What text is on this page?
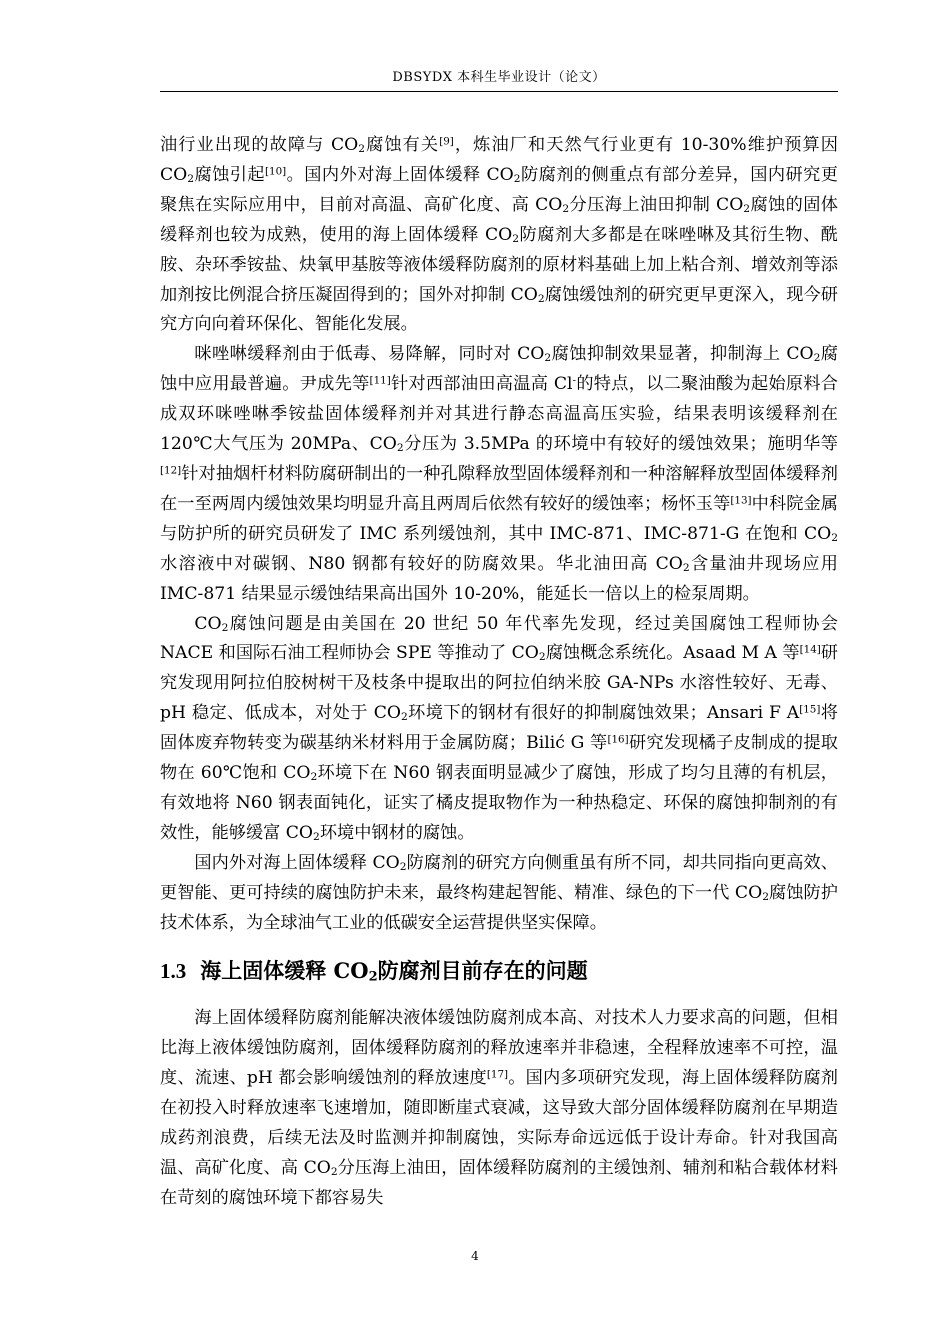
DBSYDX 本科生毕业设计（论文）

油行业出现的故障与 $CO_2$腐蚀有关[9]，炼油厂和天然气行业更有 10-30%维护预算因 $CO_2$腐蚀引起[10]。国内外对海上固体缓释 $CO_2$防腐剂的侧重点有部分差异，国内研究更聚焦在实际应用中，目前对高温、高矿化度、高 $CO_2$分压海上油田抑制 $CO_2$腐蚀的固体缓释剂也较为成熟，使用的海上固体缓释 $CO_2$防腐剂大多都是在咪唑啉及其衍生物、酰胺、杂环季铵盐、炔氧甲基胺等液体缓释防腐剂的原材料基础上加上粘合剂、增效剂等添加剂按比例混合挤压凝固得到的；国外对抑制 $CO_2$腐蚀缓蚀剂的研究更早更深入，现今研究方向向着环保化、智能化发展。

咪唑啉缓释剂由于低毒、易降解，同时对 $CO_2$腐蚀抑制效果显著，抑制海上 $CO_2$腐蚀中应用最普遍。尹成先等[11]针对西部油田高温高 Cl-的特点，以二聚油酸为起始原料合成双环咪唑啉季铵盐固体缓释剂并对其进行静态高温高压实验，结果表明该缓释剂在 120℃大气压为 20MPa、$CO_2$分压为 3.5MPa 的环境中有较好的缓蚀效果；施明华等[12]针对抽烟杆材料防腐研制出的一种孔隙释放型固体缓释剂和一种溶解释放型固体缓释剂在一至两周内缓蚀效果均明显升高且两周后依然有较好的缓蚀率；杨怀玉等[13]中科院金属与防护所的研究员研发了 IMC 系列缓蚀剂，其中 IMC-871、IMC-871-G 在饱和 $CO_2$水溶液中对碳钢、N80 钢都有较好的防腐效果。华北油田高 $CO_2$含量油井现场应用 IMC-871 结果显示缓蚀结果高出国外 10-20%，能延长一倍以上的检泵周期。

$CO_2$腐蚀问题是由美国在 20 世纪 50 年代率先发现，经过美国腐蚀工程师协会 NACE 和国际石油工程师协会 SPE 等推动了 $CO_2$腐蚀概念系统化。Asaad M A 等[14]研究发现用阿拉伯胶树树干及枝条中提取出的阿拉伯纳米胶 GA-NPs 水溶性较好、无毒、pH 稳定、低成本，对处于 $CO_2$环境下的钢材有很好的抑制腐蚀效果；Ansari F A[15]将固体废弃物转变为碳基纳米材料用于金属防腐；Bilić G 等[16]研究发现橘子皮制成的提取物在 60℃饱和 $CO_2$环境下在 N60 钢表面明显减少了腐蚀，形成了均匀且薄的有机层，有效地将 N60 钢表面钝化，证实了橘皮提取物作为一种热稳定、环保的腐蚀抑制剂的有效性，能够缓富 $CO_2$环境中钢材的腐蚀。

国内外对海上固体缓释 $CO_2$防腐剂的研究方向侧重虽有所不同，却共同指向更高效、更智能、更可持续的腐蚀防护未来，最终构建起智能、精准、绿色的下一代 $CO_2$腐蚀防护技术体系，为全球油气工业的低碳安全运营提供坚实保障。

1.3 海上固体缓释 $CO_2$防腐剂目前存在的问题

海上固体缓释防腐剂能解决液体缓蚀防腐剂成本高、对技术人力要求高的问题，但相比海上液体缓蚀防腐剂，固体缓释防腐剂的释放速率并非稳速，全程释放速率不可控，温度、流速、pH 都会影响缓蚀剂的释放速度[17]。国内多项研究发现，海上固体缓释防腐剂在初投入时释放速率飞速增加，随即断崖式衰减，这导致大部分固体缓释防腐剂在早期造成药剂浪费，后续无法及时监测并抑制腐蚀，实际寿命远远低于设计寿命。针对我国高温、高矿化度、高 $CO_2$分压海上油田，固体缓释防腐剂的主缓蚀剂、辅剂和粘合载体材料在苛刻的腐蚀环境下都容易失

4
